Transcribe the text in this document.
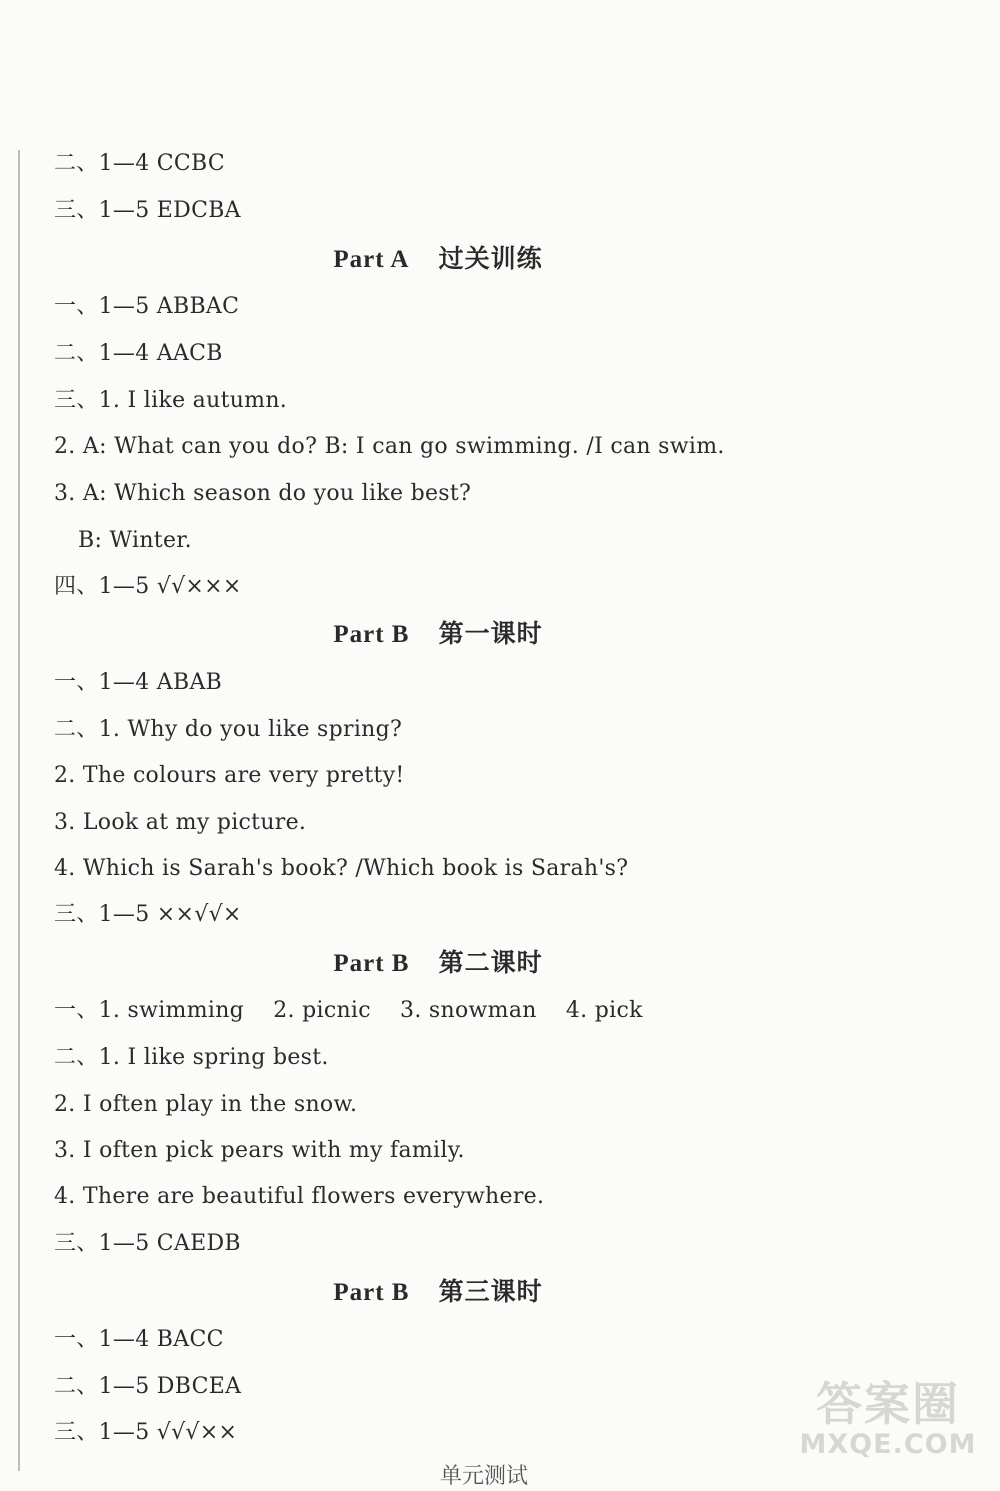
二、1—4 CCBC
三、1—5 EDCBA
Part A 过关训练
一、1—5 ABBAC
二、1—4 AACB
三、1. I like autumn.
2. A: What can you do? B: I can go swimming. /I can swim.
3. A: Which season do you like best?
B: Winter.
四、1—5 √√×××
Part B 第一课时
一、1—4 ABAB
二、1. Why do you like spring?
2. The colours are very pretty!
3. Look at my picture.
4. Which is Sarah's book? /Which book is Sarah's?
三、1—5 ××√√×
Part B 第二课时
一、1. swimming    2. picnic    3. snowman    4. pick
二、1. I like spring best.
2. I often play in the snow.
3. I often pick pears with my family.
4. There are beautiful flowers everywhere.
三、1—5 CAEDB
Part B 第三课时
一、1—4 BACC
二、1—5 DBCEA
三、1—5 √√√××
单元测试
答案圈
MXQE.COM
